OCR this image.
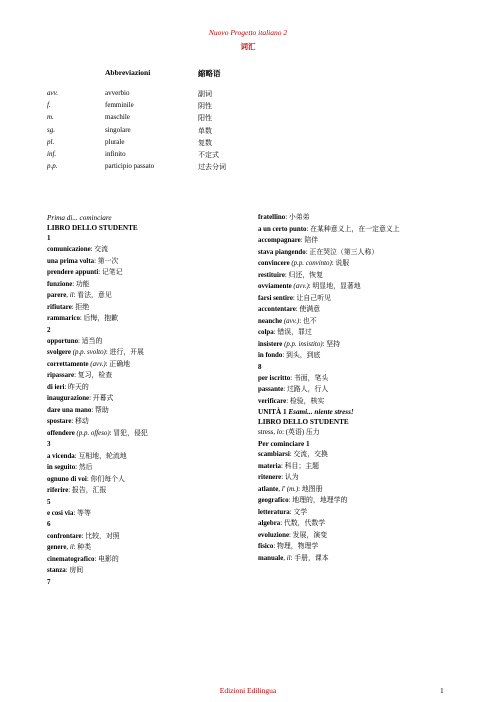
Nuovo Progetto italiano 2
词汇
Abbreviazioni	縮略语
avv.	avverbio	副词
f.	femminile	阴性
m.	maschile	阳性
sg.	singolare	单数
pl.	plurale	复数
inf.	infinito	不定式
p.p.	participio passato	过去分词
Prima di... cominciare
LIBRO DELLO STUDENTE
1
comunicazione: 交流
una prima volta: 第一次
prendere appunti: 记笔记
funzione: 功能
parere, il: 看法，意见
rifiutare: 拒绝
rammarico: 后悔，抱歉
2
opportuno: 适当的
svolgere (p.p. svolto): 进行，开展
correttamente (avv.): 正确地
ripassare: 复习，检查
di ieri: 昨天的
inaugurazione: 开幕式
dare una mano: 帮助
spostare: 移动
offendere (p.p. offeso): 冒犯，侵犯
3
a vicenda: 互相地，轮流地
in seguito: 然后
ognuno di voi: 你们每个人
riferire: 报告，汇报
5
e così via: 等等
6
confrontare: 比较，对照
genere, il: 种类
cinematografico: 电影的
stanza: 房间
7
fratellino: 小弟弟
a un certo punto: 在某种意义上，在一定意义上
accompagnare: 陪伴
stava piangendo: 正在哭泣（第三人称）
convincere (p.p. convinto): 说服
restituire: 归还，恢复
ovviamente (avv.): 明显地，显著地
farsi sentire: 让自己听见
accontentare: 使满意
neanche (avv.): 也不
colpa: 错误，罪过
insistere (p.p. insistito): 坚持
in fondo: 到头，到底
8
per iscritto: 书面，笔头
passante: 过路人，行人
verificare: 检验，核实
UNITÀ 1 Esami... niente stress!
LIBRO DELLO STUDENTE
stress, lo: (英语) 压力
Per cominciare 1
scambiarsi: 交流，交换
materia: 科目；主题
ritenere: 认为
atlante, l' (m.): 地图册
geografico: 地理的，地理学的
letteratura: 文学
algebra: 代数，代数学
evoluzione: 发展，演变
fisico: 物理，物理学
manuale, il: 手册，课本
Edizioni Edilingua	1
